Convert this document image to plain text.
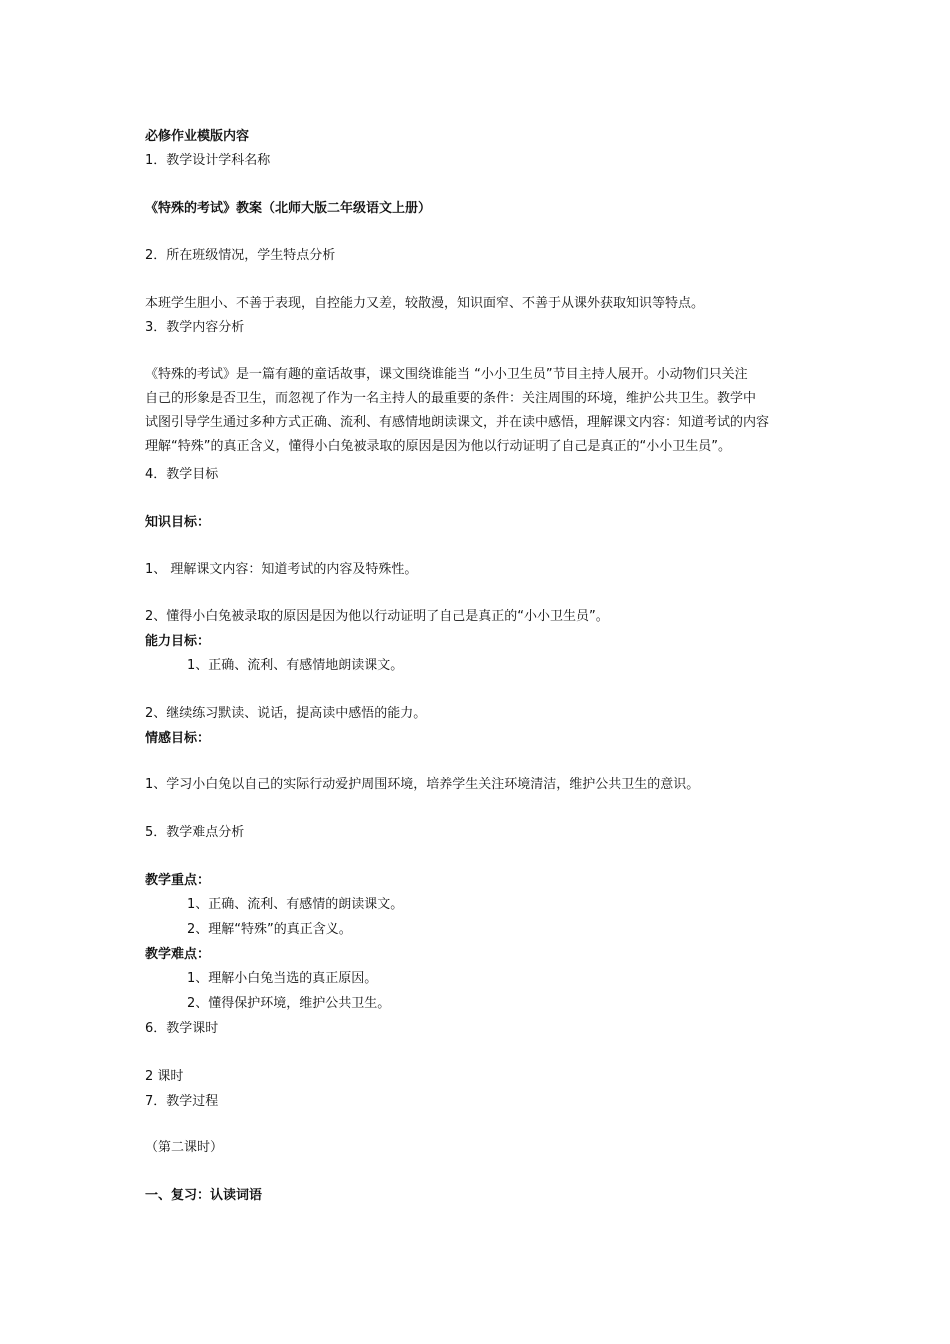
必修作业模版内容
1．教学设计学科名称
《特殊的考试》教案（北师大版二年级语文上册）
2．所在班级情况，学生特点分析
本班学生胆小、不善于表现，自控能力又差，较散漫，知识面窄、不善于从课外获取知识等特点。
3．教学内容分析
《特殊的考试》是一篇有趣的童话故事，课文围绕谁能当 “小小卫生员”节目主持人展开。小动物们只关注
自己的形象是否卫生，而忽视了作为一名主持人的最重要的条件：关注周围的环境，维护公共卫生。教学中
试图引导学生通过多种方式正确、流利、有感情地朗读课文，并在读中感悟，理解课文内容：知道考试的内容
理解“特殊”的真正含义，懂得小白兔被录取的原因是因为他以行动证明了自己是真正的“小小卫生员”。
4．教学目标
知识目标：
1、 理解课文内容：知道考试的内容及特殊性。
2、懂得小白兔被录取的原因是因为他以行动证明了自己是真正的“小小卫生员”。
能力目标：
1、正确、流利、有感情地朗读课文。
2、继续练习默读、说话，提高读中感悟的能力。
情感目标：
1、学习小白兔以自己的实际行动爱护周围环境，培养学生关注环境清洁，维护公共卫生的意识。
5．教学难点分析
教学重点：
1、正确、流利、有感情的朗读课文。
2、理解“特殊”的真正含义。
教学难点：
1、理解小白兔当选的真正原因。
2、懂得保护环境，维护公共卫生。
6．教学课时
2 课时
7．教学过程
（第二课时）
一、复习：认读词语
